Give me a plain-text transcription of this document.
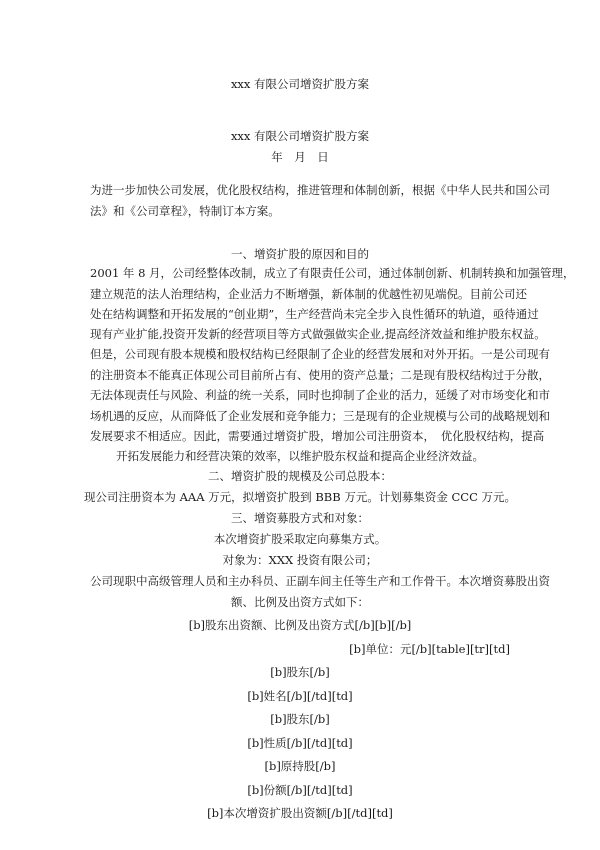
xxx 有限公司增资扩股方案
xxx 有限公司增资扩股方案
年　月　日
为进一步加快公司发展，优化股权结构，推进管理和体制创新，根据《中华人民共和国公司
法》和《公司章程》，特制订本方案。
一、增资扩股的原因和目的
2001 年 8 月，公司经整体改制，成立了有限责任公司，通过体制创新、机制转换和加强管理，
建立规范的法人治理结构，企业活力不断增强，新体制的优越性初见端倪。目前公司还
处在结构调整和开拓发展的“创业期”，生产经营尚未完全步入良性循环的轨道，亟待通过
现有产业扩能,投资开发新的经营项目等方式做强做实企业,提高经济效益和维护股东权益。
但是，公司现有股本规模和股权结构已经限制了企业的经营发展和对外开拓。一是公司现有
的注册资本不能真正体现公司目前所占有、使用的资产总量；二是现有股权结构过于分散，
无法体现责任与风险、利益的统一关系，同时也抑制了企业的活力，延缓了对市场变化和市
场机遇的反应，从而降低了企业发展和竞争能力；三是现有的企业规模与公司的战略规划和
发展要求不相适应。因此，需要通过增资扩股，增加公司注册资本，　优化股权结构，提高
开拓发展能力和经营决策的效率，以维护股东权益和提高企业经济效益。
二、增资扩股的规模及公司总股本：
现公司注册资本为 AAA 万元，拟增资扩股到 BBB 万元。计划募集资金 CCC 万元。
三、增资募股方式和对象：
本次增资扩股采取定向募集方式。
对象为：XXX 投资有限公司；
公司现职中高级管理人员和主办科员、正副车间主任等生产和工作骨干。本次增资募股出资
额、比例及出资方式如下：
[b]股东出资额、比例及出资方式[/b][b][/b]
[b]单位：元[/b][table][tr][td]
[b]股东[/b]
[b]姓名[/b][/td][td]
[b]股东[/b]
[b]性质[/b][/td][td]
[b]原持股[/b]
[b]份额[/b][/td][td]
[b]本次增资扩股出资额[/b][/td][td]
